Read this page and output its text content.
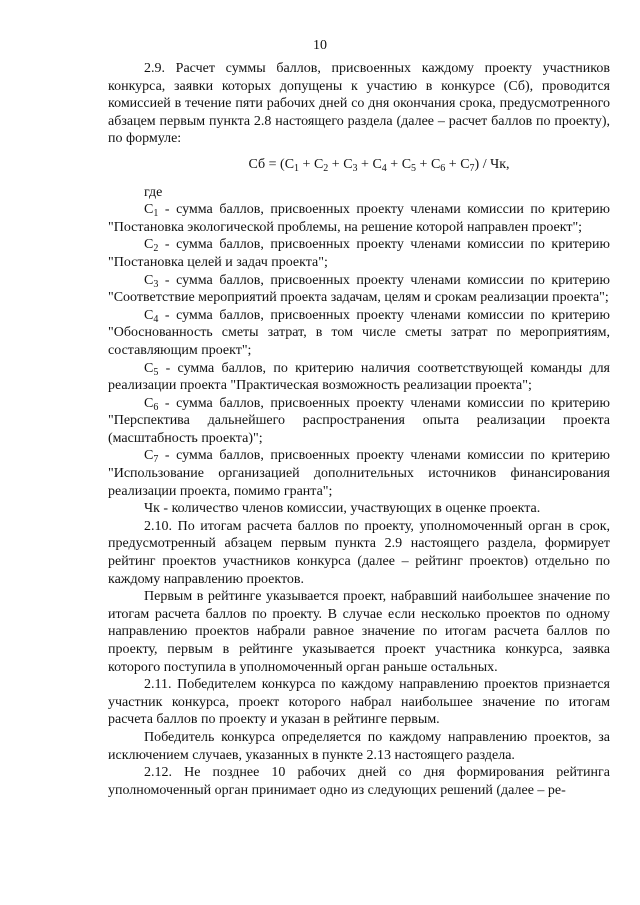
10

2.9. Расчет суммы баллов, присвоенных каждому проекту участников конкурса, заявки которых допущены к участию в конкурсе (Сб), проводится комиссией в течение пяти рабочих дней со дня окончания срока, предусмотренного абзацем первым пункта 2.8 настоящего раздела (далее – расчет баллов по проекту), по формуле:

Сб = $(С_1 + С_2 + С_3 + С_4 + С_5 + С_6 + С_7)$ / Чк,

где

$С_1$ - сумма баллов, присвоенных проекту членами комиссии по критерию "Постановка экологической проблемы, на решение которой направлен проект";

$С_2$ - сумма баллов, присвоенных проекту членами комиссии по критерию "Постановка целей и задач проекта";

$С_3$ - сумма баллов, присвоенных проекту членами комиссии по критерию "Соответствие мероприятий проекта задачам, целям и срокам реализации проекта";

$С_4$ - сумма баллов, присвоенных проекту членами комиссии по критерию "Обоснованность сметы затрат, в том числе сметы затрат по мероприятиям, составляющим проект";

$С_5$ - сумма баллов, по критерию наличия соответствующей команды для реализации проекта "Практическая возможность реализации проекта";

$С_6$ - сумма баллов, присвоенных проекту членами комиссии по критерию "Перспектива дальнейшего распространения опыта реализации проекта (масштабность проекта)";

$С_7$ - сумма баллов, присвоенных проекту членами комиссии по критерию "Использование организацией дополнительных источников финансирования реализации проекта, помимо гранта";

Чк - количество членов комиссии, участвующих в оценке проекта.

2.10. По итогам расчета баллов по проекту, уполномоченный орган в срок, предусмотренный абзацем первым пункта 2.9 настоящего раздела, формирует рейтинг проектов участников конкурса (далее – рейтинг проектов) отдельно по каждому направлению проектов.

Первым в рейтинге указывается проект, набравший наибольшее значение по итогам расчета баллов по проекту. В случае если несколько проектов по одному направлению проектов набрали равное значение по итогам расчета баллов по проекту, первым в рейтинге указывается проект участника конкурса, заявка которого поступила в уполномоченный орган раньше остальных.

2.11. Победителем конкурса по каждому направлению проектов признается участник конкурса, проект которого набрал наибольшее значение по итогам расчета баллов по проекту и указан в рейтинге первым.

Победитель конкурса определяется по каждому направлению проектов, за исключением случаев, указанных в пункте 2.13 настоящего раздела.

2.12. Не позднее 10 рабочих дней со дня формирования рейтинга уполномоченный орган принимает одно из следующих решений (далее – ре-
